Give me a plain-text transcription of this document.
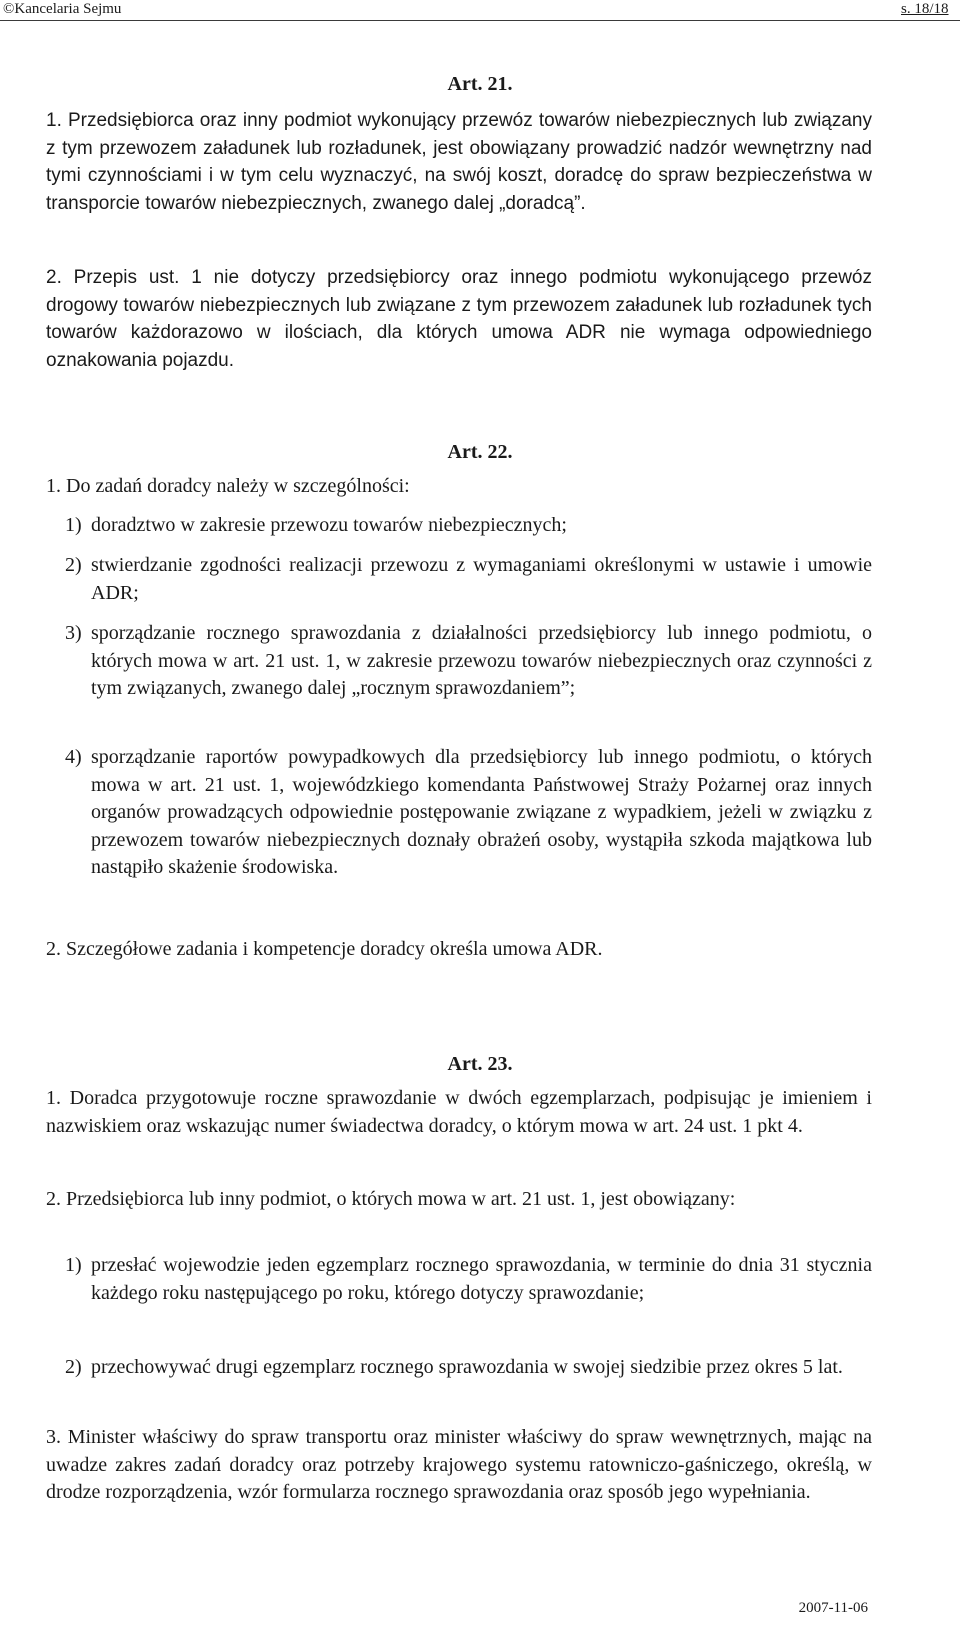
©Kancelaria Sejmu	s. 18/18
Art. 21.
1. Przedsiębiorca oraz inny podmiot wykonujący przewóz towarów niebezpiecznych lub związany z tym przewozem załadunek lub rozładunek, jest obowiązany prowadzić nadzór wewnętrzny nad tymi czynnościami i w tym celu wyznaczyć, na swój koszt, doradcę do spraw bezpieczeństwa w transporcie towarów niebezpiecznych, zwanego dalej „doradcą”.
2. Przepis ust. 1 nie dotyczy przedsiębiorcy oraz innego podmiotu wykonującego przewóz drogowy towarów niebezpiecznych lub związane z tym przewozem załadunek lub rozładunek tych towarów każdorazowo w ilościach, dla których umowa ADR nie wymaga odpowiedniego oznakowania pojazdu.
Art. 22.
1. Do zadań doradcy należy w szczególności:
1) doradztwo w zakresie przewozu towarów niebezpiecznych;
2) stwierdzanie zgodności realizacji przewozu z wymaganiami określonymi w ustawie i umowie ADR;
3) sporządzanie rocznego sprawozdania z działalności przedsiębiorcy lub innego podmiotu, o których mowa w art. 21 ust. 1, w zakresie przewozu towarów niebezpiecznych oraz czynności z tym związanych, zwanego dalej „rocznym sprawozdaniem”;
4) sporządzanie raportów powypadkowych dla przedsiębiorcy lub innego podmiotu, o których mowa w art. 21 ust. 1, wojewódzkiego komendanta Państwowej Straży Pożarnej oraz innych organów prowadzących odpowiednie postępowanie związane z wypadkiem, jeżeli w związku z przewozem towarów niebezpiecznych doznały obrażeń osoby, wystąpiła szkoda majątkowa lub nastąpiło skażenie środowiska.
2. Szczegółowe zadania i kompetencje doradcy określa umowa ADR.
Art. 23.
1. Doradca przygotowuje roczne sprawozdanie w dwóch egzemplarzach, podpisując je imieniem i nazwiskiem oraz wskazując numer świadectwa doradcy, o którym mowa w art. 24 ust. 1 pkt 4.
2. Przedsiębiorca lub inny podmiot, o których mowa w art. 21 ust. 1, jest obowiązany:
1) przesłać wojewodzie jeden egzemplarz rocznego sprawozdania, w terminie do dnia 31 stycznia każdego roku następującego po roku, którego dotyczy sprawozdanie;
2) przechowywać drugi egzemplarz rocznego sprawozdania w swojej siedzibie przez okres 5 lat.
3. Minister właściwy do spraw transportu oraz minister właściwy do spraw wewnętrznych, mając na uwadze zakres zadań doradcy oraz potrzeby krajowego systemu ratowniczo-gaśniczego, określą, w drodze rozporządzenia, wzór formularza rocznego sprawozdania oraz sposób jego wypełniania.
2007-11-06
